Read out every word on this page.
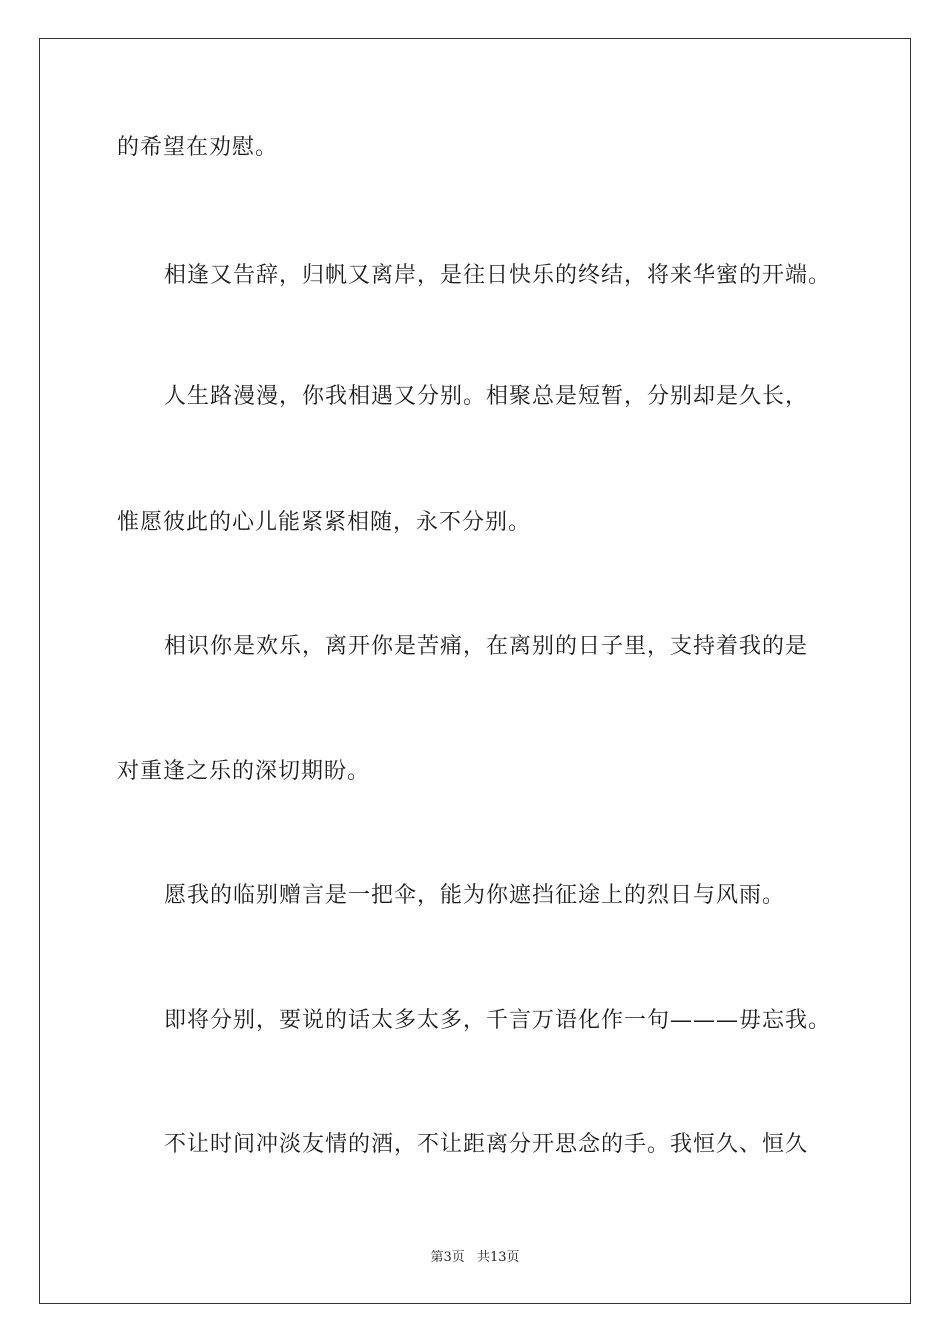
的希望在劝慰。
相逢又告辞，归帆又离岸，是往日快乐的终结，将来华蜜的开端。
人生路漫漫，你我相遇又分别。相聚总是短暂，分别却是久长，
惟愿彼此的心儿能紧紧相随，永不分别。
相识你是欢乐，离开你是苦痛，在离别的日子里，支持着我的是
对重逢之乐的深切期盼。
愿我的临别赠言是一把伞，能为你遮挡征途上的烈日与风雨。
即将分别，要说的话太多太多，千言万语化作一句———毋忘我。
不让时间冲淡友情的酒，不让距离分开思念的手。我恒久、恒久
第3页 共13页
